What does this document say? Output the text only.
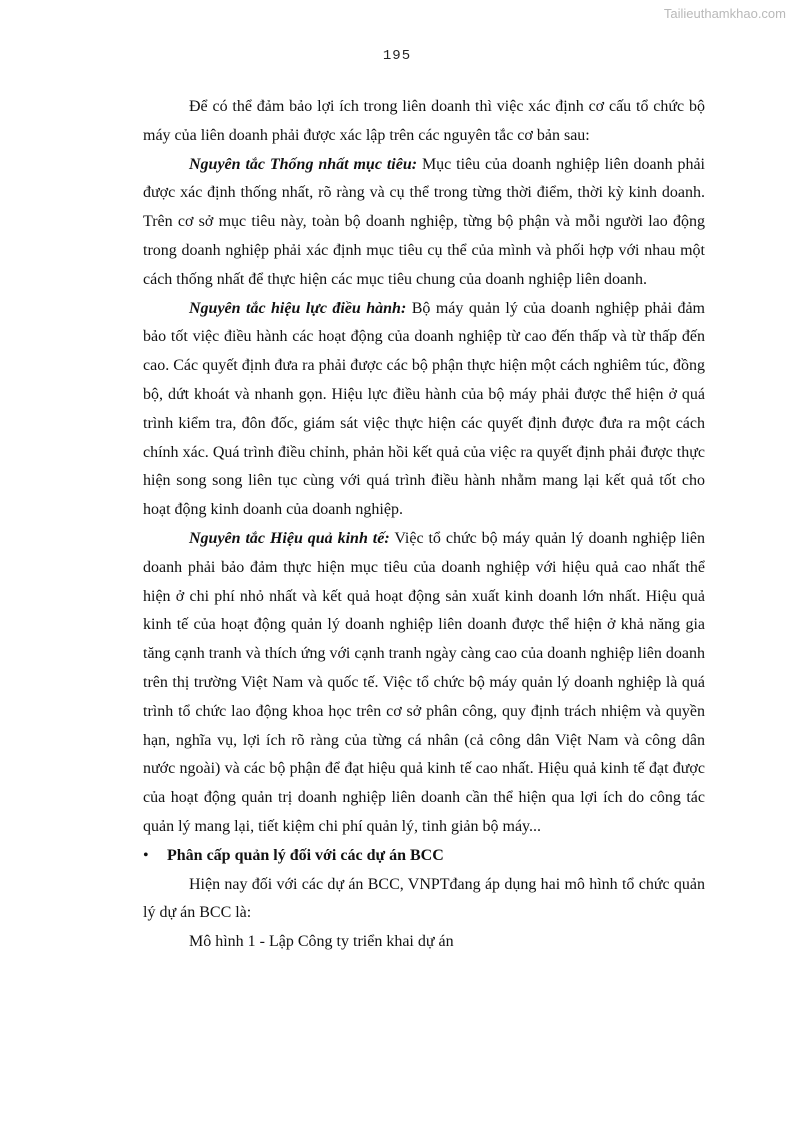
Tailieuthamkhao.com
195

Để có thể đảm bảo lợi ích trong liên doanh thì việc xác định cơ cấu tổ chức bộ máy của liên doanh phải được xác lập trên các nguyên tắc cơ bản sau:

Nguyên tắc Thống nhất mục tiêu: Mục tiêu của doanh nghiệp liên doanh phải được xác định thống nhất, rõ ràng và cụ thể trong từng thời điểm, thời kỳ kinh doanh. Trên cơ sở mục tiêu này, toàn bộ doanh nghiệp, từng bộ phận và mỗi người lao động trong doanh nghiệp phải xác định mục tiêu cụ thể của mình và phối hợp với nhau một cách thống nhất để thực hiện các mục tiêu chung của doanh nghiệp liên doanh.

Nguyên tắc hiệu lực điều hành: Bộ máy quản lý của doanh nghiệp phải đảm bảo tốt việc điều hành các hoạt động của doanh nghiệp từ cao đến thấp và từ thấp đến cao. Các quyết định đưa ra phải được các bộ phận thực hiện một cách nghiêm túc, đồng bộ, dứt khoát và nhanh gọn. Hiệu lực điều hành của bộ máy phải được thể hiện ở quá trình kiểm tra, đôn đốc, giám sát việc thực hiện các quyết định được đưa ra một cách chính xác. Quá trình điều chỉnh, phản hồi kết quả của việc ra quyết định phải được thực hiện song song liên tục cùng với quá trình điều hành nhằm mang lại kết quả tốt cho hoạt động kinh doanh của doanh nghiệp.

Nguyên tắc Hiệu quả kinh tế: Việc tổ chức bộ máy quản lý doanh nghiệp liên doanh phải bảo đảm thực hiện mục tiêu của doanh nghiệp với hiệu quả cao nhất thể hiện ở chi phí nhỏ nhất và kết quả hoạt động sản xuất kinh doanh lớn nhất. Hiệu quả kinh tế của hoạt động quản lý doanh nghiệp liên doanh được thể hiện ở khả năng gia tăng cạnh tranh và thích ứng với cạnh tranh ngày càng cao của doanh nghiệp liên doanh trên thị trường Việt Nam và quốc tế. Việc tổ chức bộ máy quản lý doanh nghiệp là quá trình tổ chức lao động khoa học trên cơ sở phân công, quy định trách nhiệm và quyền hạn, nghĩa vụ, lợi ích rõ ràng của từng cá nhân (cả công dân Việt Nam và công dân nước ngoài) và các bộ phận để đạt hiệu quả kinh tế cao nhất. Hiệu quả kinh tế đạt được của hoạt động quản trị doanh nghiệp liên doanh cần thể hiện qua lợi ích do công tác quản lý mang lại, tiết kiệm chi phí quản lý, tinh giản bộ máy...

• Phân cấp quản lý đối với các dự án BCC

Hiện nay đối với các dự án BCC, VNPTđang áp dụng hai mô hình tổ chức quản lý dự án BCC là:

Mô hình 1 - Lập Công ty triển khai dự án
